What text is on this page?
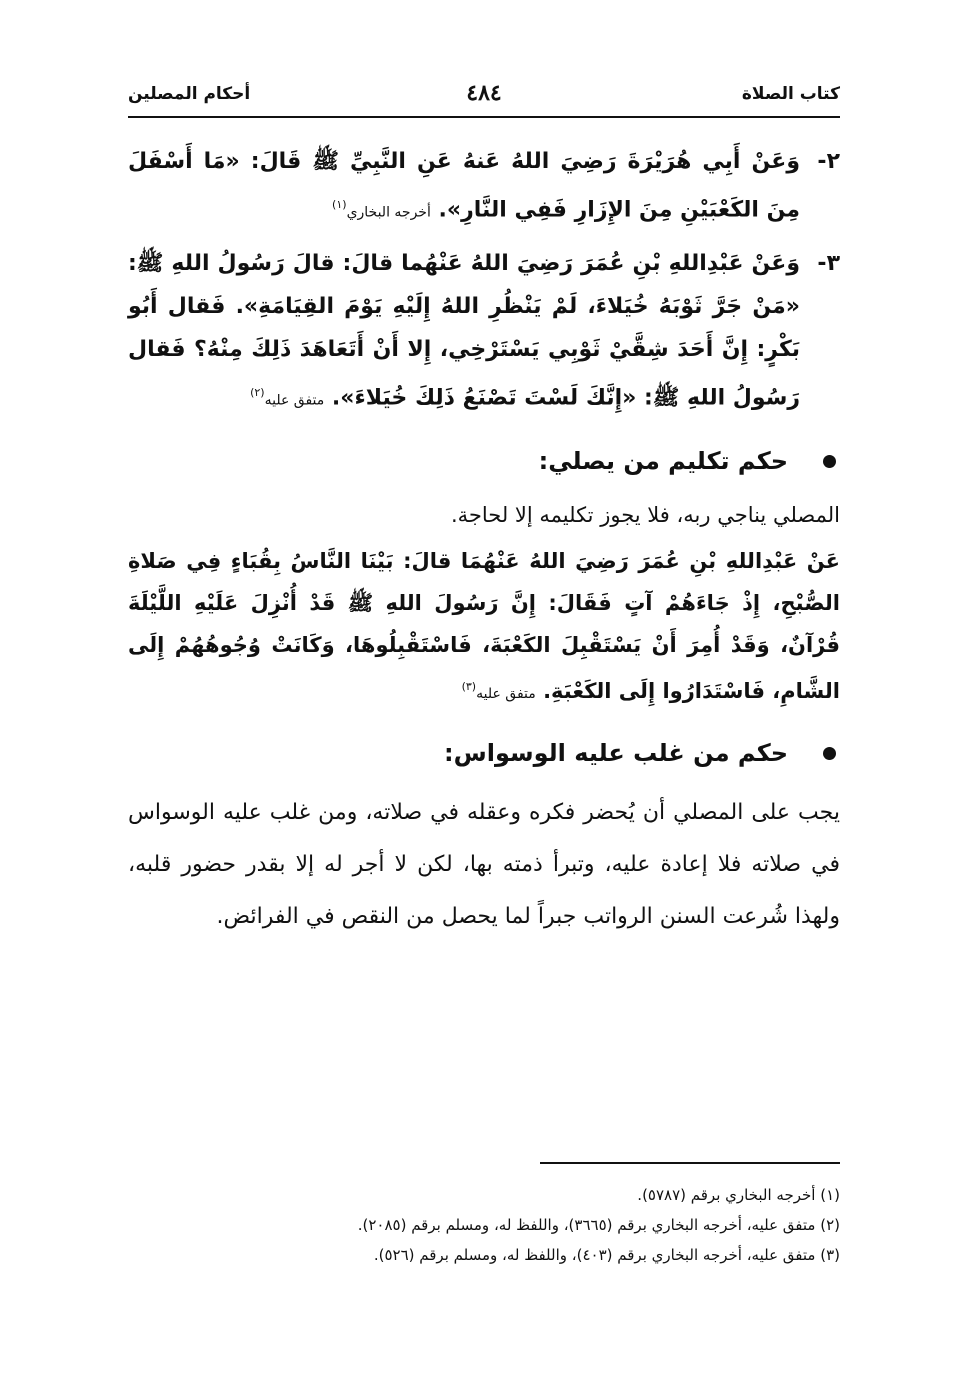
كتاب الصلاة
٤٨٤
أحكام المصلين
٢-
وَعَنْ أَبِي هُرَيْرَةَ رَضِيَ اللهُ عَنهُ عَنِ النَّبِيِّ ﷺ قَالَ: «مَا أَسْفَلَ مِنَ الكَعْبَيْنِ مِنَ الإِزَارِ فَفِي النَّارِ». أخرجه البخاري$^{(١)}$
٣-
وَعَنْ عَبْدِاللهِ بْنِ عُمَرَ رَضِيَ اللهُ عَنْهُما قالَ: قالَ رَسُولُ اللهِ ﷺ: «مَنْ جَرَّ ثَوْبَهُ خُيَلاءَ، لَمْ يَنْظُرِ اللهُ إِلَيْهِ يَوْمَ القِيَامَةِ». فَقال أَبُو بَكْرٍ: إِنَّ أَحَدَ شِقَّيْ ثَوْبِي يَسْتَرْخِي، إِلا أَنْ أَتَعَاهَدَ ذَلِكَ مِنْهُ؟ فَقال رَسُولُ اللهِ ﷺ: «إِنَّكَ لَسْتَ تَصْنَعُ ذَلِكَ خُيَلاءَ». متفق عليه$^{(٢)}$
حكم تكليم من يصلي:
المصلي يناجي ربه، فلا يجوز تكليمه إلا لحاجة.
عَنْ عَبْدِاللهِ بْنِ عُمَرَ رَضِيَ اللهُ عَنْهُمَا قالَ: بَيْنَا النَّاسُ بِقُبَاءٍ فِي صَلاةِ الصُّبْحِ، إِذْ جَاءَهُمْ آتٍ فَقَالَ: إِنَّ رَسُولَ اللهِ ﷺ قَدْ أُنْزِلَ عَلَيْهِ اللَّيْلَةَ قُرْآنٌ، وَقَدْ أُمِرَ أَنْ يَسْتَقْبِلَ الكَعْبَةَ، فَاسْتَقْبِلُوهَا، وَكَانَتْ وُجُوهُهُمْ إِلَى الشَّامِ، فَاسْتَدَارُوا إِلَى الكَعْبَةِ. متفق عليه$^{(٣)}$
حكم من غلب عليه الوسواس:
يجب على المصلي أن يُحضر فكره وعقله في صلاته، ومن غلب عليه الوسواس في صلاته فلا إعادة عليه، وتبرأ ذمته بها، لكن لا أجر له إلا بقدر حضور قلبه، ولهذا شُرعت السنن الرواتب جبراً لما يحصل من النقص في الفرائض.
(١) أخرجه البخاري برقم (٥٧٨٧).
(٢) متفق عليه، أخرجه البخاري برقم (٣٦٦٥)، واللفظ له، ومسلم برقم (٢٠٨٥).
(٣) متفق عليه، أخرجه البخاري برقم (٤٠٣)، واللفظ له، ومسلم برقم (٥٢٦).
